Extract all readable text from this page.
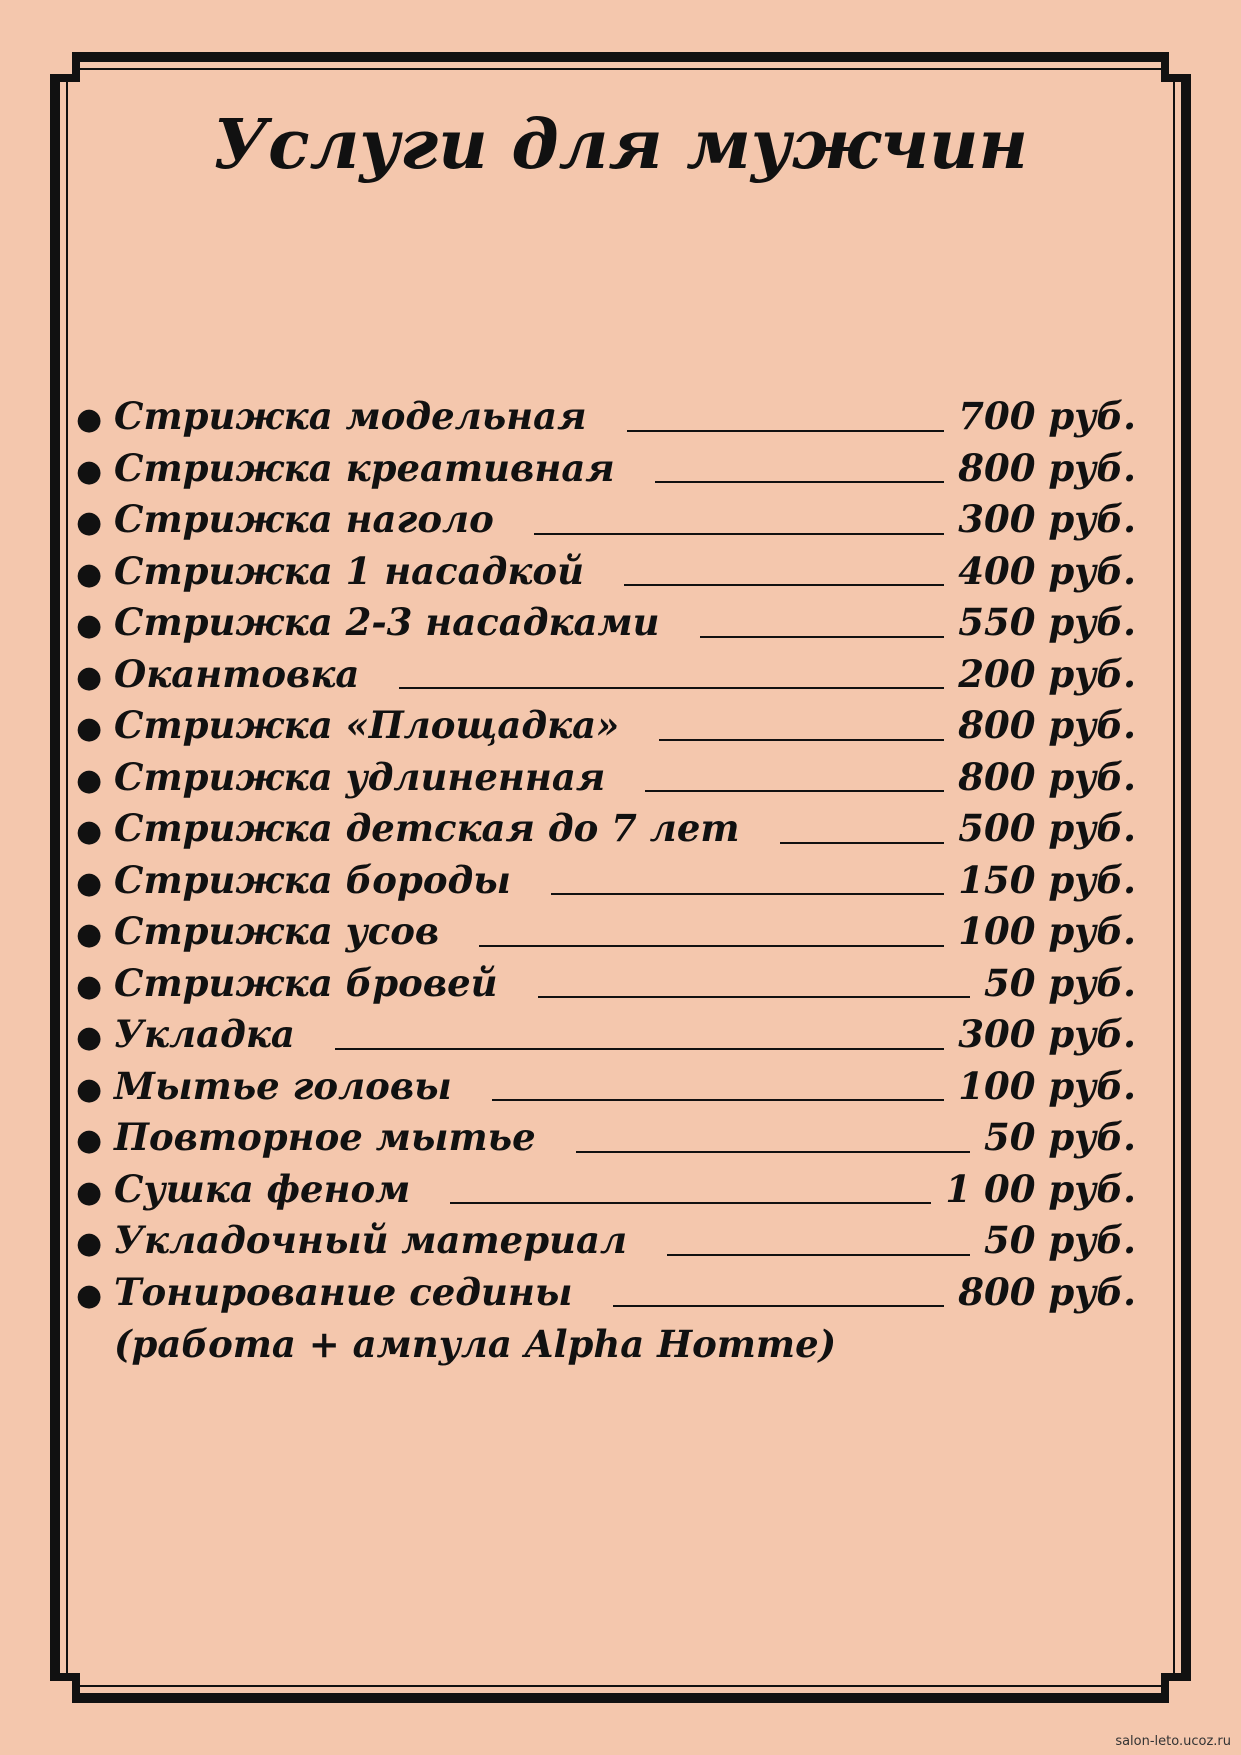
Услуги для мужчин
● Стрижка модельная	700 руб.
● Стрижка креативная	800 руб.
● Стрижка наголо	300 руб.
● Стрижка 1 насадкой	400 руб.
● Стрижка 2-3 насадками	550 руб.
● Окантовка	200 руб.
● Стрижка «Площадка»	800 руб.
● Стрижка удлиненная	800 руб.
● Стрижка детская до 7 лет	500 руб.
● Стрижка бороды	150 руб.
● Стрижка усов	100 руб.
● Стрижка бровей	50 руб.
● Укладка	300 руб.
● Мытье головы	100 руб.
● Повторное мытье	50 руб.
● Сушка феном	1 00 руб.
● Укладочный материал	50 руб.
● Тонирование седины	800 руб.
(работа + ампула Alpha Homme)
salon-leto.ucoz.ru
